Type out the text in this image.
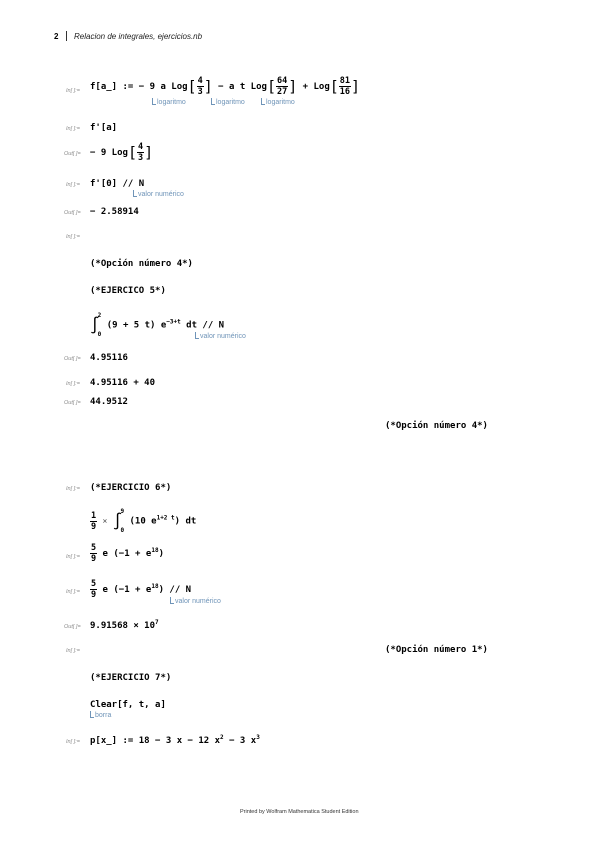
2 Relacion de integrales, ejercicios.nb
In[ ]:= f[a_] := − 9 a $Log[ \frac{4}{3}$ ] − a t $Log[ \frac{64}{27}$ ] + $Log[ \frac{81}{16}$ ]
logaritmo	logaritmo	logaritmo
In[ ]:= f'[a]
Out[ ]= − 9 $Log[ \frac{4}{3}$ ]
In[ ]:= f'[0] // N
valor numérico
Out[ ]= − 2.58914
In[ ]:=
(*Opción número 4*)
(*EJERCICO 5*)
∫
2
0
(9 + 5 t) $e^{-3+t}$ dt // N
valor numérico
Out[ ]= 4.95116
In[ ]:= 4.95116 + 40
Out[ ]= 44.9512
(*Opción número 4*)
In[ ]:= (*EJERCICIO 6*)
$\frac{1}{9}$ × ∫
9
0
(10 $e^{1+2 t}$) dt
In[ ]:= $\frac{5}{9}$ e $(-1 + e^{18})$
In[ ]:= $\frac{5}{9}$ e $(-1 + e^{18}) // N$
valor numérico
Out[ ]= $9.91568 \times 10^7$
In[ ]:=	(*Opción número 1*)
(*EJERCICIO 7*)
Clear[f, t, a]
borra
In[ ]:= p[x_] := 18 − 3 x − 12 $x^2 - 3$ $x^3$
Printed by Wolfram Mathematica Student Edition
